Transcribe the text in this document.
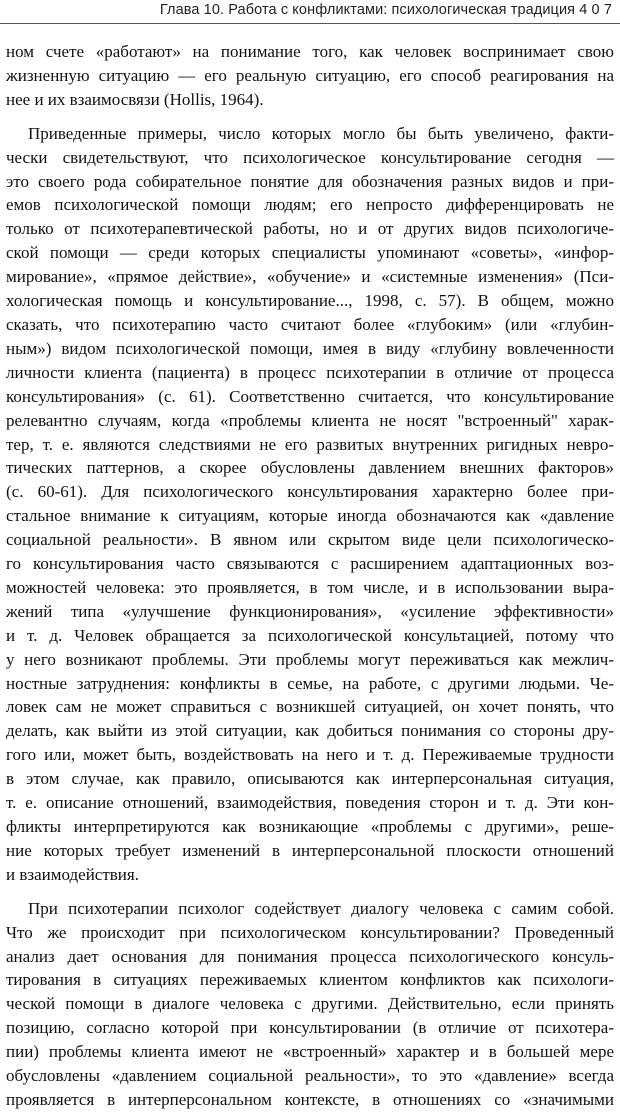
Глава 10. Работа с конфликтами: психологическая традиция 4 0 7

ном счете «работают» на понимание того, как человек воспринимает свою
жизненную ситуацию — его реальную ситуацию, его способ реагирования на
нее и их взаимосвязи (Hollis, 1964).

Приведенные примеры, число которых могло бы быть увеличено, факти-
чески свидетельствуют, что психологическое консультирование сегодня —
это своего рода собирательное понятие для обозначения разных видов и при-
емов психологической помощи людям; его непросто дифференцировать не
только от психотерапевтической работы, но и от других видов психологиче-
ской помощи — среди которых специалисты упоминают «советы», «инфор-
мирование», «прямое действие», «обучение» и «системные изменения» (Пси-
хологическая помощь и консультирование..., 1998, с. 57). В общем, можно
сказать, что психотерапию часто считают более «глубоким» (или «глубин-
ным») видом психологической помощи, имея в виду «глубину вовлеченности
личности клиента (пациента) в процесс психотерапии в отличие от процесса
консультирования» (с. 61). Соответственно считается, что консультирование
релевантно случаям, когда «проблемы клиента не носят "встроенный" харак-
тер, т. е. являются следствиями не его развитых внутренних ригидных невро-
тических паттернов, а скорее обусловлены давлением внешних факторов»
(с. 60-61). Для психологического консультирования характерно более при-
стальное внимание к ситуациям, которые иногда обозначаются как «давление
социальной реальности». В явном или скрытом виде цели психологическо-
го консультирования часто связываются с расширением адаптационных воз-
можностей человека: это проявляется, в том числе, и в использовании выра-
жений типа «улучшение функционирования», «усиление эффективности»
и т. д. Человек обращается за психологической консультацией, потому что
у него возникают проблемы. Эти проблемы могут переживаться как межлич-
ностные затруднения: конфликты в семье, на работе, с другими людьми. Че-
ловек сам не может справиться с возникшей ситуацией, он хочет понять, что
делать, как выйти из этой ситуации, как добиться понимания со стороны дру-
гого или, может быть, воздействовать на него и т. д. Переживаемые трудности
в этом случае, как правило, описываются как интерперсональная ситуация,
т. е. описание отношений, взаимодействия, поведения сторон и т. д. Эти кон-
фликты интерпретируются как возникающие «проблемы с другими», реше-
ние которых требует изменений в интерперсональной плоскости отношений
и взаимодействия.

При психотерапии психолог содействует диалогу человека с самим собой.
Что же происходит при психологическом консультировании? Проведенный
анализ дает основания для понимания процесса психологического консуль-
тирования в ситуациях переживаемых клиентом конфликтов как психологи-
ческой помощи в диалоге человека с другими. Действительно, если принять
позицию, согласно которой при консультировании (в отличие от психотера-
пии) проблемы клиента имеют не «встроенный» характер и в большей мере
обусловлены «давлением социальной реальности», то это «давление» всегда
проявляется в интерперсональном контексте, в отношениях со «значимыми
